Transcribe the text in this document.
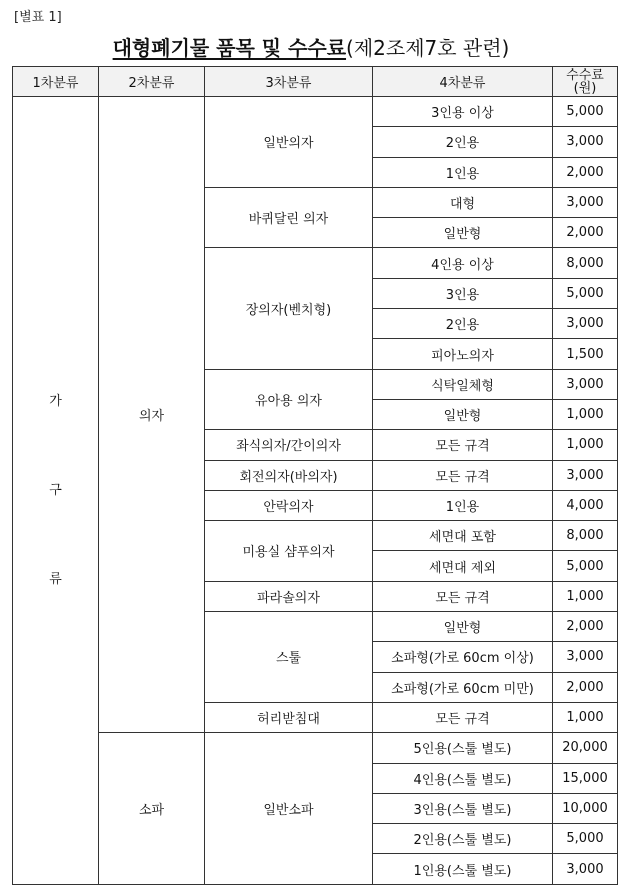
[별표 1]
대형폐기물 품목 및 수수료(제2조제7호 관련)
1차분류	2차분류	3차분류	4차분류	수수료
(원)

가
구
류	의자	일반의자	3인용 이상	5,000
			2인용	3,000
			1인용	2,000
		바퀴달린 의자	대형	3,000
			일반형	2,000
		장의자(벤치형)	4인용 이상	8,000
			3인용	5,000
			2인용	3,000
			피아노의자	1,500
		유아용 의자	식탁일체형	3,000
			일반형	1,000
		좌식의자/간이의자	모든 규격	1,000
		회전의자(바의자)	모든 규격	3,000
		안락의자	1인용	4,000
		미용실 샴푸의자	세면대 포함	8,000
			세면대 제외	5,000
		파라솔의자	모든 규격	1,000
		스툴	일반형	2,000
			소파형(가로 60cm 이상)	3,000
			소파형(가로 60cm 미만)	2,000
		허리받침대	모든 규격	1,000
	소파	일반소파	5인용(스툴 별도)	20,000
			4인용(스툴 별도)	15,000
			3인용(스툴 별도)	10,000
			2인용(스툴 별도)	5,000
			1인용(스툴 별도)	3,000
